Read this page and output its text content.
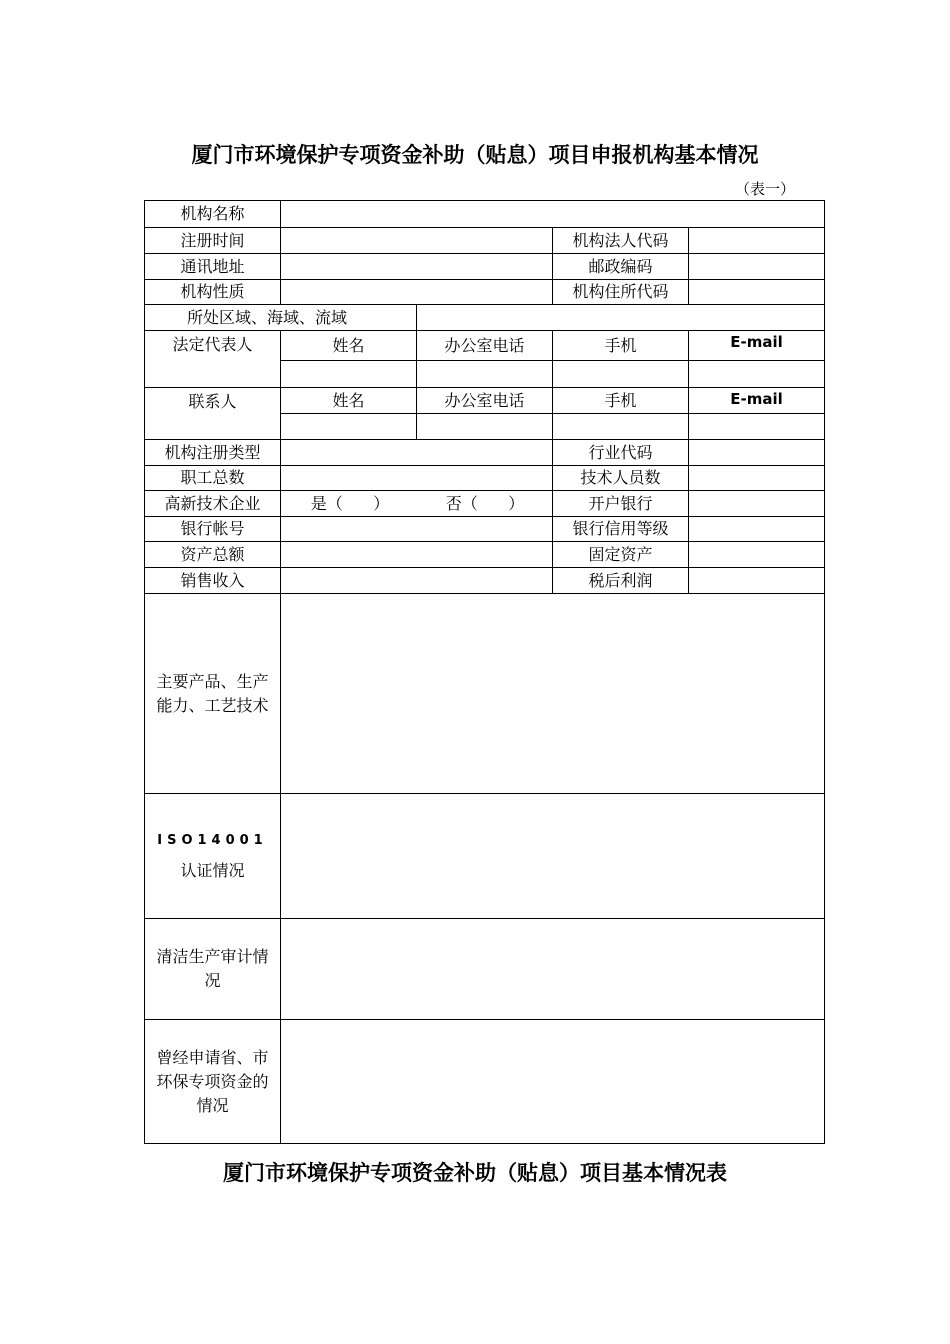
厦门市环境保护专项资金补助（贴息）项目申报机构基本情况
（表一）
机构名称
注册时间	机构法人代码
通讯地址	邮政编码
机构性质	机构住所代码
所处区域、海域、流域
法定代表人	姓名	办公室电话	手机	E-mail
联系人	姓名	办公室电话	手机	E-mail
机构注册类型	行业代码
职工总数	技术人员数
高新技术企业	是（      ）	否（      ）	开户银行
银行帐号	银行信用等级
资产总额	固定资产
销售收入	税后利润
主要产品、生产能力、工艺技术
ISO14001
认证情况
清洁生产审计情况
曾经申请省、市环保专项资金的情况
厦门市环境保护专项资金补助（贴息）项目基本情况表
